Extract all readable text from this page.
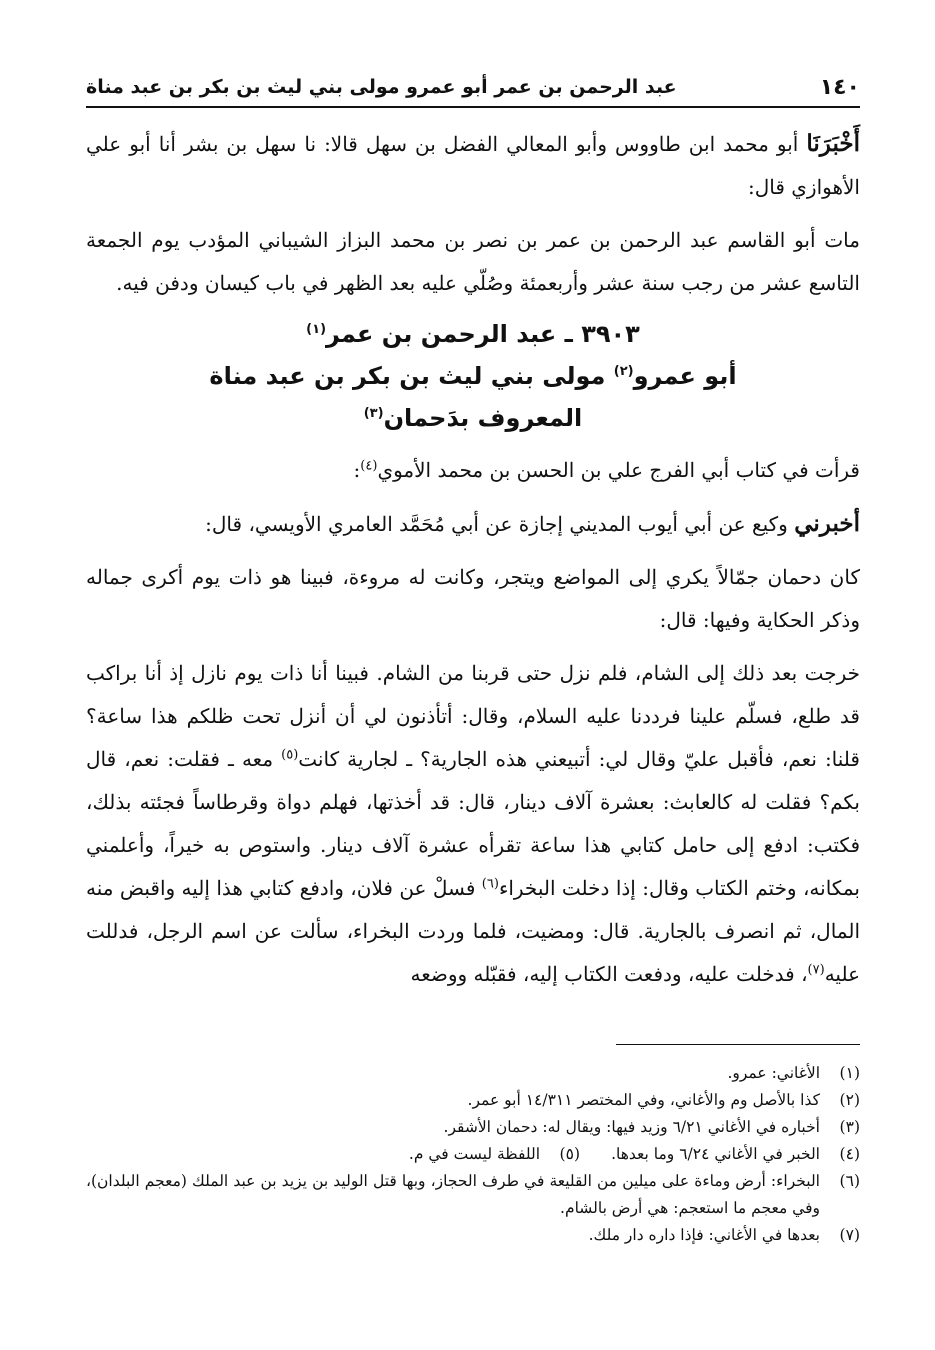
١٤٠
عبد الرحمن بن عمر أبو عمرو مولى بني ليث بن بكر بن عبد مناة

أَخْبَرَنَا أبو محمد ابن طاووس وأبو المعالي الفضل بن سهل قالا: نا سهل بن بشر أنا أبو علي الأهوازي قال:

مات أبو القاسم عبد الرحمن بن عمر بن نصر بن محمد البزاز الشيباني المؤدب يوم الجمعة التاسع عشر من رجب سنة عشر وأربعمئة وصُلّي عليه بعد الظهر في باب كيسان ودفن فيه.

٣٩٠٣ ـ عبد الرحمن بن عمر$^{(١)}$
أبو عمرو$^{(٢)}$ مولى بني ليث بن بكر بن عبد مناة
المعروف بدَحمان$^{(٣)}$

قرأت في كتاب أبي الفرج علي بن الحسن بن محمد الأموي$^{(٤)}$:

أخبرني وكيع عن أبي أيوب المديني إجازة عن أبي مُحَمَّد العامري الأويسي، قال:

كان دحمان جمّالاً يكري إلى المواضع ويتجر، وكانت له مروءة، فبينا هو ذات يوم أكرى جماله وذكر الحكاية وفيها: قال:

خرجت بعد ذلك إلى الشام، فلم نزل حتى قربنا من الشام. فبينا أنا ذات يوم نازل إذ أنا براكب قد طلع، فسلّم علينا فرددنا عليه السلام، وقال: أتأذنون لي أن أنزل تحت ظلكم هذا ساعة؟ قلنا: نعم، فأقبل عليّ وقال لي: أتبيعني هذه الجارية؟ ـ لجارية كانت$^{(٥)}$ معه ـ فقلت: نعم، قال بكم؟ فقلت له كالعابث: بعشرة آلاف دينار، قال: قد أخذتها، فهلم دواة وقرطاساً فجئته بذلك، فكتب: ادفع إلى حامل كتابي هذا ساعة تقرأه عشرة آلاف دينار. واستوص به خيراً، وأعلمني بمكانه، وختم الكتاب وقال: إذا دخلت البخراء$^{(٦)}$ فسلْ عن فلان، وادفع كتابي هذا إليه واقبض منه المال، ثم انصرف بالجارية. قال: ومضيت، فلما وردت البخراء، سألت عن اسم الرجل، فدللت عليه$^{(٧)}$، فدخلت عليه، ودفعت الكتاب إليه، فقبّله ووضعه

(١)
الأغاني: عمرو.
(٢)
كذا بالأصل وم والأغاني، وفي المختصر ١٤/٣١١ أبو عمر.
(٣)
أخباره في الأغاني ٦/٢١ وزيد فيها: ويقال له: دحمان الأشقر.
(٤)
الخبر في الأغاني ٦/٢٤ وما بعدها.
(٥)
اللفظة ليست في م.
(٦)
البخراء: أرض وماءة على ميلين من القليعة في طرف الحجاز، وبها قتل الوليد بن يزيد بن عبد الملك (معجم البلدان)، وفي معجم ما استعجم: هي أرض بالشام.
(٧)
بعدها في الأغاني: فإذا داره دار ملك.
